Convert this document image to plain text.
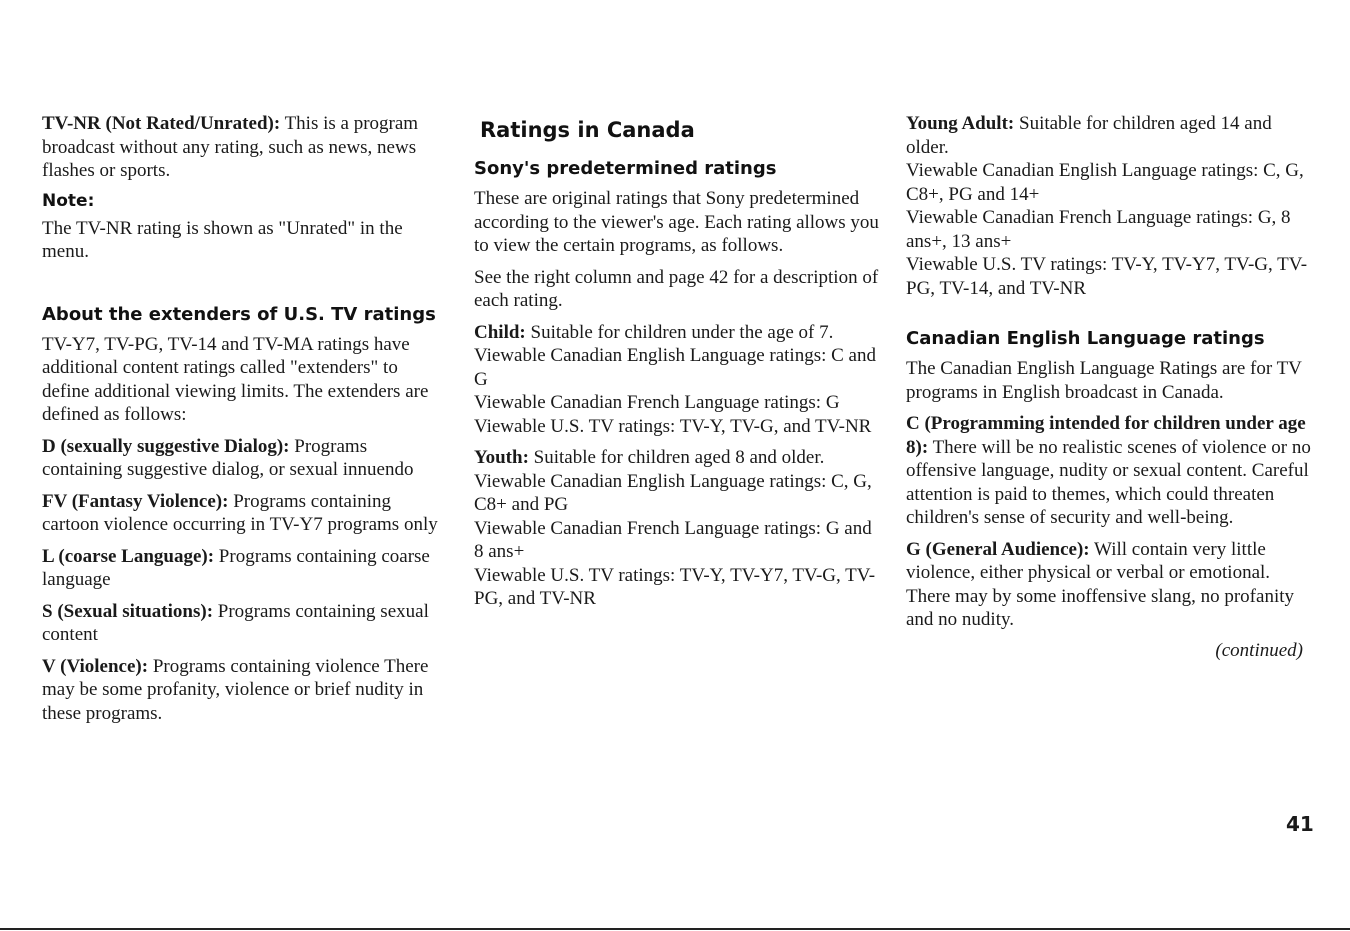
TV-NR (Not Rated/Unrated): This is a program broadcast without any rating, such as news, news flashes or sports.

Note:

The TV-NR rating is shown as "Unrated" in the menu.

About the extenders of U.S. TV ratings

TV-Y7, TV-PG, TV-14 and TV-MA ratings have additional content ratings called "extenders" to define additional viewing limits. The extenders are defined as follows:

D (sexually suggestive Dialog): Programs containing suggestive dialog, or sexual innuendo

FV (Fantasy Violence): Programs containing cartoon violence occurring in TV-Y7 programs only

L (coarse Language): Programs containing coarse language

S (Sexual situations): Programs containing sexual content

V (Violence): Programs containing violence There may be some profanity, violence or brief nudity in these programs.

Ratings in Canada
Sony's predetermined ratings

These are original ratings that Sony predetermined according to the viewer's age. Each rating allows you to view the certain programs, as follows.

See the right column and page 42 for a description of each rating.

Child: Suitable for children under the age of 7.

Viewable Canadian English Language ratings: C and G

Viewable Canadian French Language ratings: G

Viewable U.S. TV ratings: TV-Y, TV-G, and TV-NR

Youth: Suitable for children aged 8 and older.

Viewable Canadian English Language ratings: C, G, C8+ and PG

Viewable Canadian French Language ratings: G and 8 ans+

Viewable U.S. TV ratings: TV-Y, TV-Y7, TV-G, TV-PG, and TV-NR

Young Adult: Suitable for children aged 14 and older.

Viewable Canadian English Language ratings: C, G, C8+, PG and 14+

Viewable Canadian French Language ratings: G, 8 ans+, 13 ans+

Viewable U.S. TV ratings: TV-Y, TV-Y7, TV-G, TV-PG, TV-14, and TV-NR

Canadian English Language ratings

The Canadian English Language Ratings are for TV programs in English broadcast in Canada.

C (Programming intended for children under age 8): There will be no realistic scenes of violence or no offensive language, nudity or sexual content. Careful attention is paid to themes, which could threaten children's sense of security and well-being.

G (General Audience): Will contain very little violence, either physical or verbal or emotional. There may by some inoffensive slang, no profanity and no nudity.

(continued)
41
